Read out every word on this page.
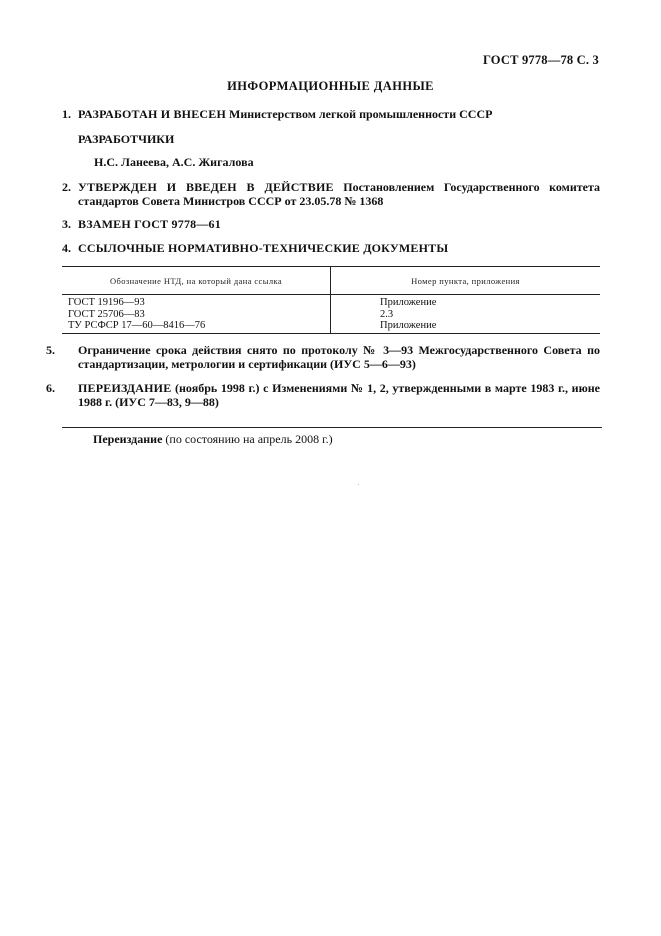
ГОСТ 9778—78 С. 3
ИНФОРМАЦИОННЫЕ ДАННЫЕ
1. РАЗРАБОТАН И ВНЕСЕН Министерством легкой промышленности СССР
РАЗРАБОТЧИКИ
Н.С. Ланеева, А.С. Жигалова
2. УТВЕРЖДЕН И ВВЕДЕН В ДЕЙСТВИЕ Постановлением Государственного комитета стандартов Совета Министров СССР от 23.05.78 № 1368
3. ВЗАМЕН ГОСТ 9778—61
4. ССЫЛОЧНЫЕ НОРМАТИВНО-ТЕХНИЧЕСКИЕ ДОКУМЕНТЫ
Обозначение НТД, на который дана ссылка	Номер пункта, приложения
ГОСТ 19196—93
ГОСТ 25706—83
ТУ РСФСР 17—60—8416—76
Приложение
2.3
Приложение
5. Ограничение срока действия снято по протоколу № 3—93 Межгосударственного Совета по стандартизации, метрологии и сертификации (ИУС 5—6—93)
6. ПЕРЕИЗДАНИЕ (ноябрь 1998 г.) с Изменениями № 1, 2, утвержденными в марте 1983 г., июне 1988 г. (ИУС 7—83, 9—88)
Переиздание (по состоянию на апрель 2008 г.)
